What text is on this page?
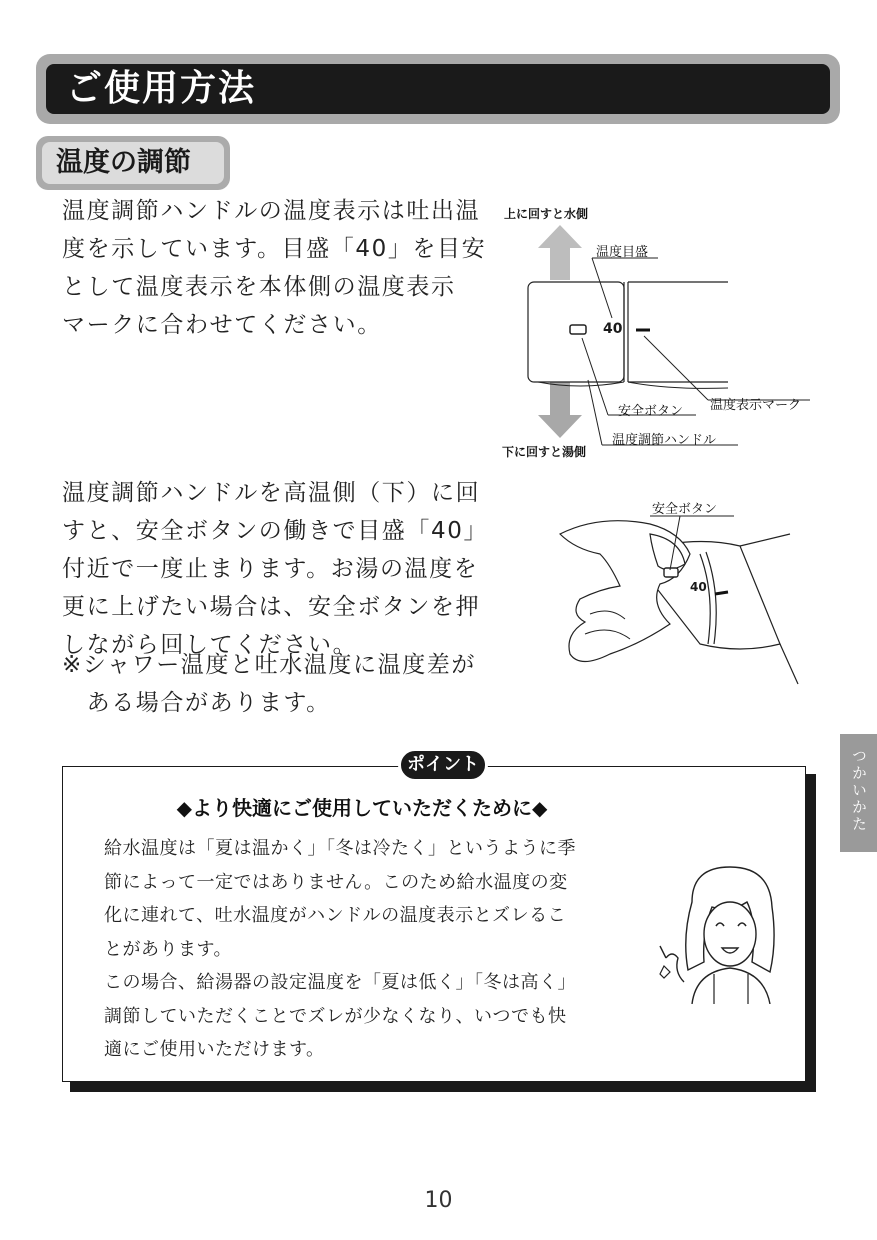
ご使用方法
温度の調節
温度調節ハンドルの温度表示は吐出温
度を示しています。目盛「40」を目安
として温度表示を本体側の温度表示
マークに合わせてください。
上に回すと水側
温度目盛
40
温度表示マーク
安全ボタン
温度調節ハンドル
下に回すと湯側
温度調節ハンドルを高温側（下）に回
すと、安全ボタンの働きで目盛「40」
付近で一度止まります。お湯の温度を
更に上げたい場合は、安全ボタンを押
しながら回してください。
※シャワー温度と吐水温度に温度差が
　ある場合があります。
安全ボタン
40
ポイント
◆より快適にご使用していただくために◆
給水温度は「夏は温かく」「冬は冷たく」というように季
節によって一定ではありません。このため給水温度の変
化に連れて、吐水温度がハンドルの温度表示とズレるこ
とがあります。
この場合、給湯器の設定温度を「夏は低く」「冬は高く」
調節していただくことでズレが少なくなり、いつでも快
適にご使用いただけます。
つかいかた
10
